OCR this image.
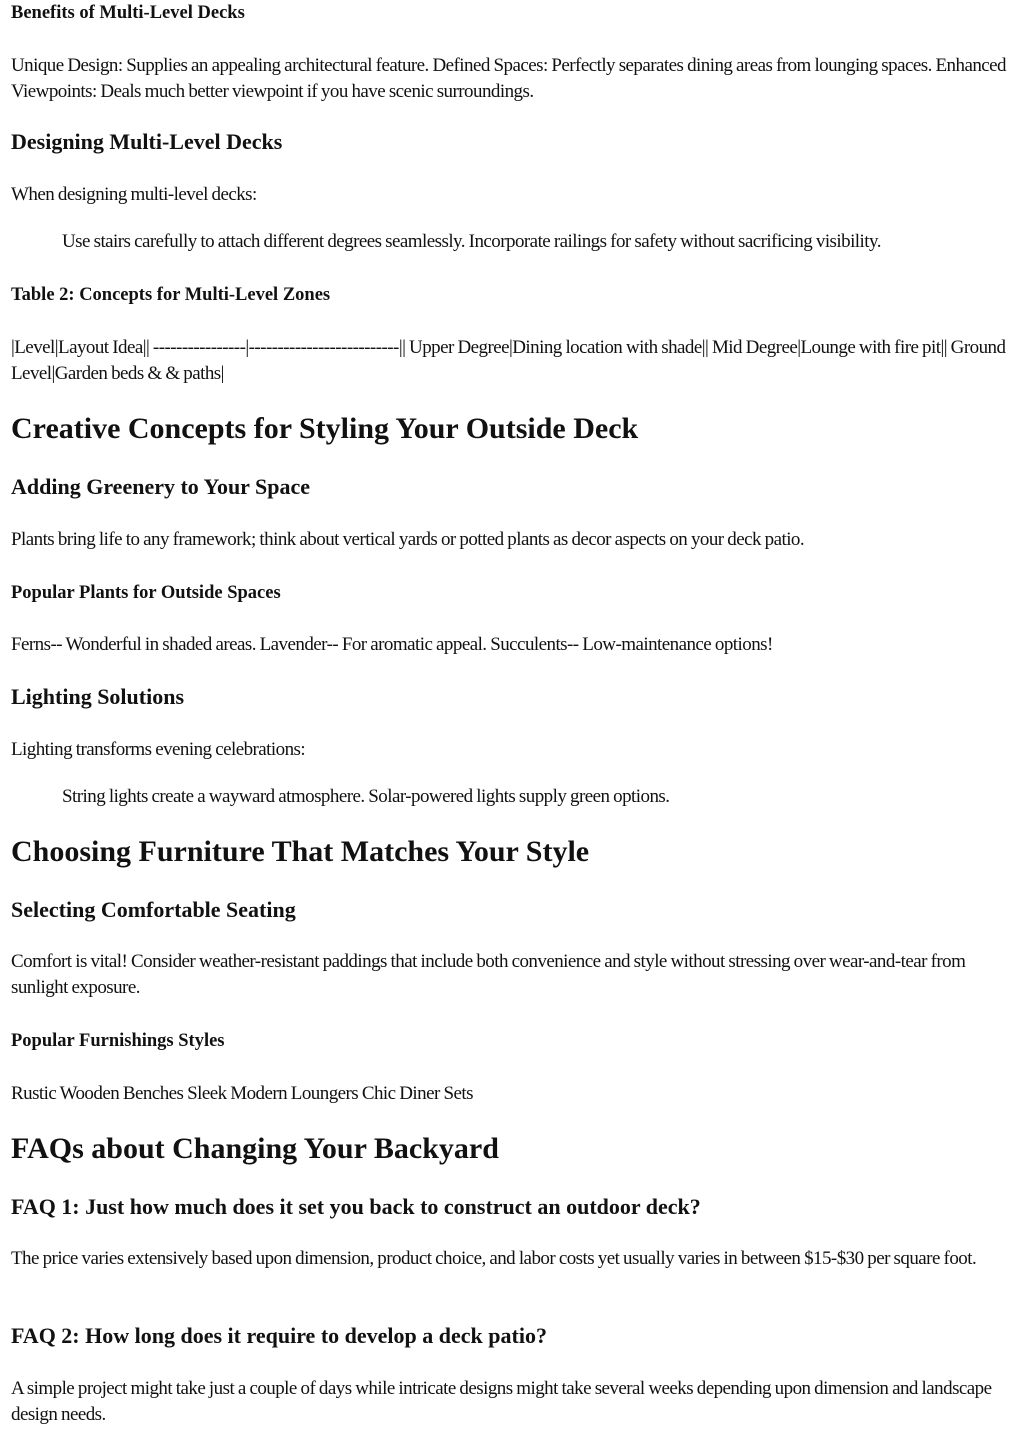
Benefits of Multi-Level Decks

Unique Design: Supplies an appealing architectural feature. Defined Spaces: Perfectly separates dining areas from lounging spaces. Enhanced Viewpoints: Deals much better viewpoint if you have scenic surroundings.

Designing Multi-Level Decks

When designing multi-level decks:

Use stairs carefully to attach different degrees seamlessly. Incorporate railings for safety without sacrificing visibility.

Table 2: Concepts for Multi-Level Zones

|Level|Layout Idea|| ----------------|--------------------------|| Upper Degree|Dining location with shade|| Mid Degree|Lounge with fire pit|| Ground Level|Garden beds & & paths|

Creative Concepts for Styling Your Outside Deck
Adding Greenery to Your Space

Plants bring life to any framework; think about vertical yards or potted plants as decor aspects on your deck patio.

Popular Plants for Outside Spaces

Ferns-- Wonderful in shaded areas. Lavender-- For aromatic appeal. Succulents-- Low-maintenance options!

Lighting Solutions

Lighting transforms evening celebrations:

String lights create a wayward atmosphere. Solar-powered lights supply green options.

Choosing Furniture That Matches Your Style
Selecting Comfortable Seating

Comfort is vital! Consider weather-resistant paddings that include both convenience and style without stressing over wear-and-tear from sunlight exposure.

Popular Furnishings Styles

Rustic Wooden Benches Sleek Modern Loungers Chic Diner Sets

FAQs about Changing Your Backyard
FAQ 1: Just how much does it set you back to construct an outdoor deck?

The price varies extensively based upon dimension, product choice, and labor costs yet usually varies in between $15-$30 per square foot.

FAQ 2: How long does it require to develop a deck patio?

A simple project might take just a couple of days while intricate designs might take several weeks depending upon dimension and landscape design needs.
